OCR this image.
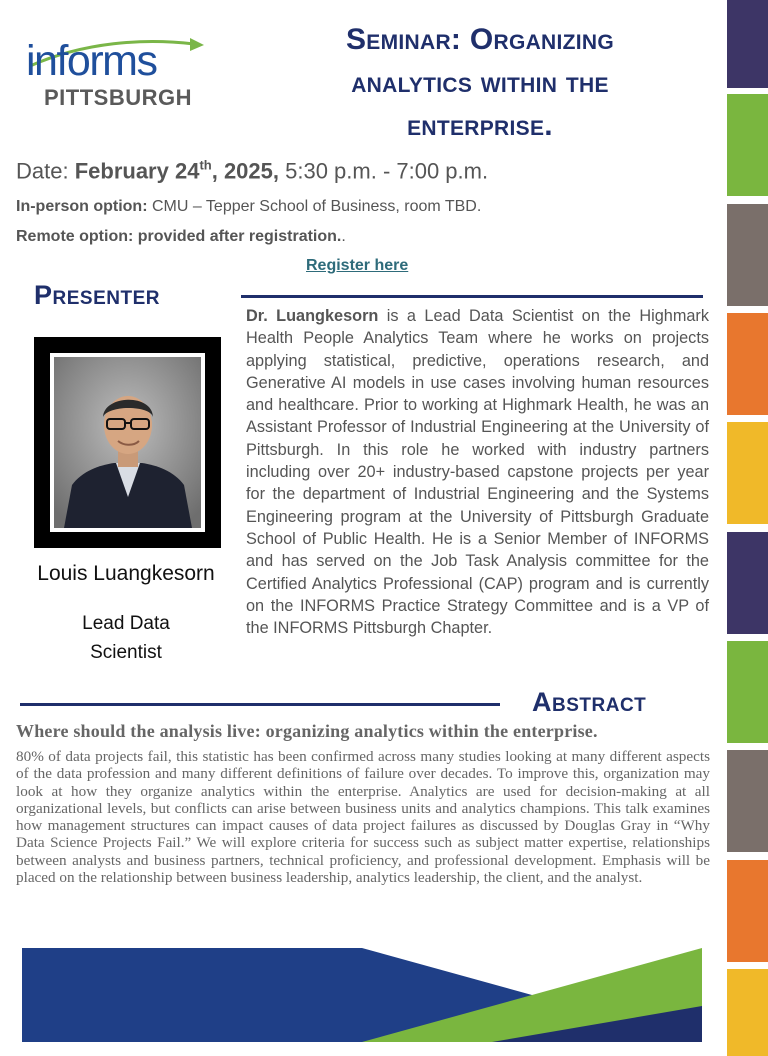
informs
PITTSBURGH
Seminar: Organizing
analytics within the
enterprise.
Date: February 24th, 2025, 5:30 p.m. - 7:00 p.m.
In-person option: CMU – Tepper School of Business, room TBD.
Remote option: provided after registration..
Register here
Presenter
Louis Luangkesorn
Lead Data Scientist
Dr. Luangkesorn is a Lead Data Scientist on the Highmark Health People Analytics Team where he works on projects applying statistical, predictive, operations research, and Generative AI models in use cases involving human resources and healthcare. Prior to working at Highmark Health, he was an Assistant Professor of Industrial Engineering at the University of Pittsburgh. In this role he worked with industry partners including over 20+ industry-based capstone projects per year for the department of Industrial Engineering and the Systems Engineering program at the University of Pittsburgh Graduate School of Public Health. He is a Senior Member of INFORMS and has served on the Job Task Analysis committee for the Certified Analytics Professional (CAP) program and is currently on the INFORMS Practice Strategy Committee and is a VP of the INFORMS Pittsburgh Chapter.
Abstract
Where should the analysis live: organizing analytics within the enterprise.
80% of data projects fail, this statistic has been confirmed across many studies looking at many different aspects of the data profession and many different definitions of failure over decades. To improve this, organization may look at how they organize analytics within the enterprise. Analytics are used for decision-making at all organizational levels, but conflicts can arise between business units and analytics champions. This talk examines how management structures can impact causes of data project failures as discussed by Douglas Gray in “Why Data Science Projects Fail.” We will explore criteria for success such as subject matter expertise, relationships between analysts and business partners, technical proficiency, and professional development. Emphasis will be placed on the relationship between business leadership, analytics leadership, the client, and the analyst.
